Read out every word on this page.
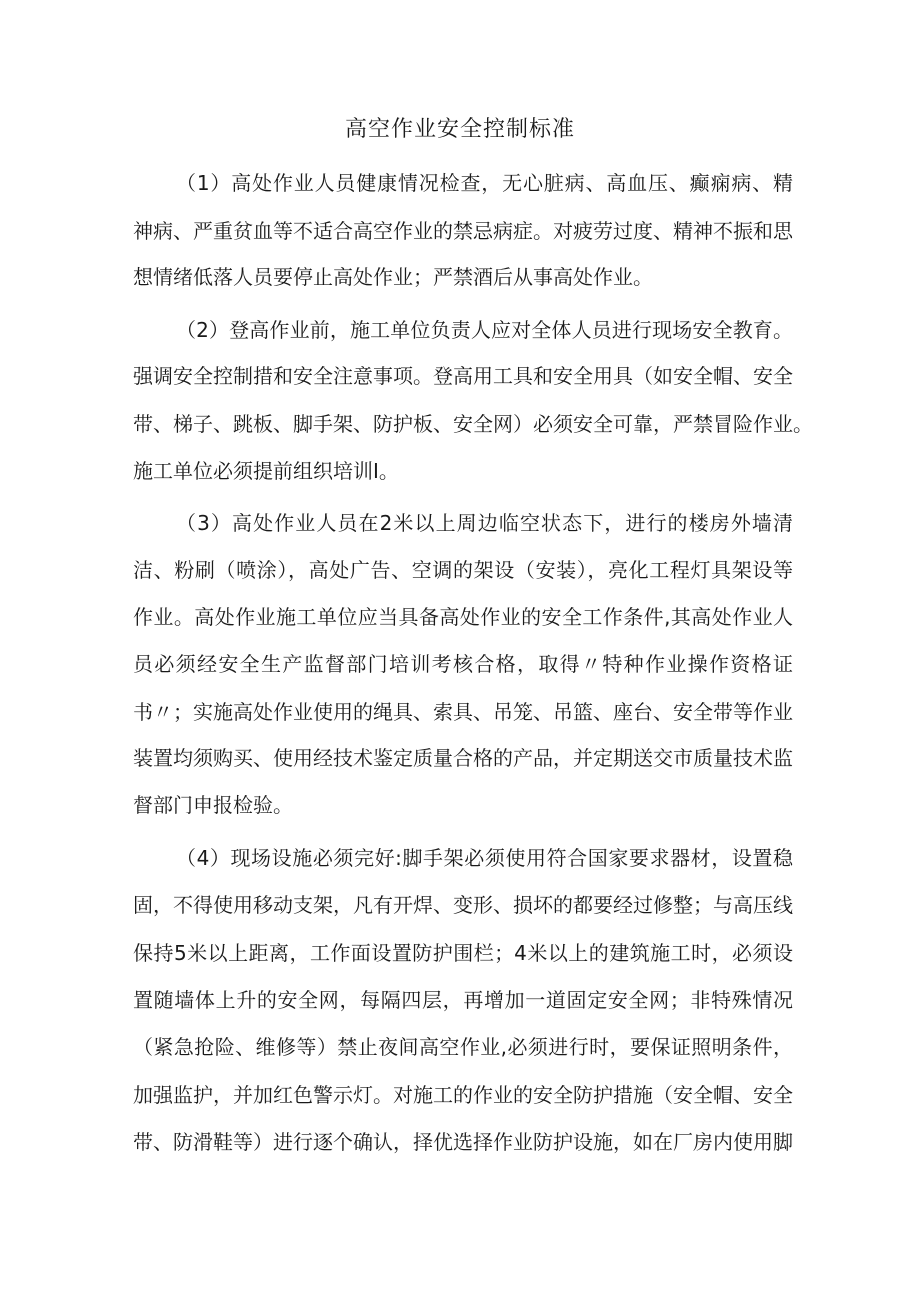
高空作业安全控制标准
（1）高处作业人员健康情况检查，无心脏病、高血压、癫痫病、精
神病、严重贫血等不适合高空作业的禁忌病症。对疲劳过度、精神不振和思
想情绪低落人员要停止高处作业；严禁酒后从事高处作业。
（2）登高作业前，施工单位负责人应对全体人员进行现场安全教育。
强调安全控制措和安全注意事项。登高用工具和安全用具（如安全帽、安全
带、梯子、跳板、脚手架、防护板、安全网）必须安全可靠，严禁冒险作业。
施工单位必须提前组织培训I。
（3）高处作业人员在2米以上周边临空状态下，进行的楼房外墙清
洁、粉刷（喷涂），高处广告、空调的架设（安装），亮化工程灯具架设等
作业。高处作业施工单位应当具备高处作业的安全工作条件,其高处作业人
员必须经安全生产监督部门培训考核合格，取得〃特种作业操作资格证
书〃；实施高处作业使用的绳具、索具、吊笼、吊篮、座台、安全带等作业
装置均须购买、使用经技术鉴定质量合格的产品，并定期送交市质量技术监
督部门申报检验。
（4）现场设施必须完好:脚手架必须使用符合国家要求器材，设置稳
固，不得使用移动支架，凡有开焊、变形、损坏的都要经过修整；与高压线
保持5米以上距离，工作面设置防护围栏；4米以上的建筑施工时，必须设
置随墙体上升的安全网，每隔四层，再增加一道固定安全网；非特殊情况
（紧急抢险、维修等）禁止夜间高空作业,必须进行时，要保证照明条件，
加强监护，并加红色警示灯。对施工的作业的安全防护措施（安全帽、安全
带、防滑鞋等）进行逐个确认，择优选择作业防护设施，如在厂房内使用脚
